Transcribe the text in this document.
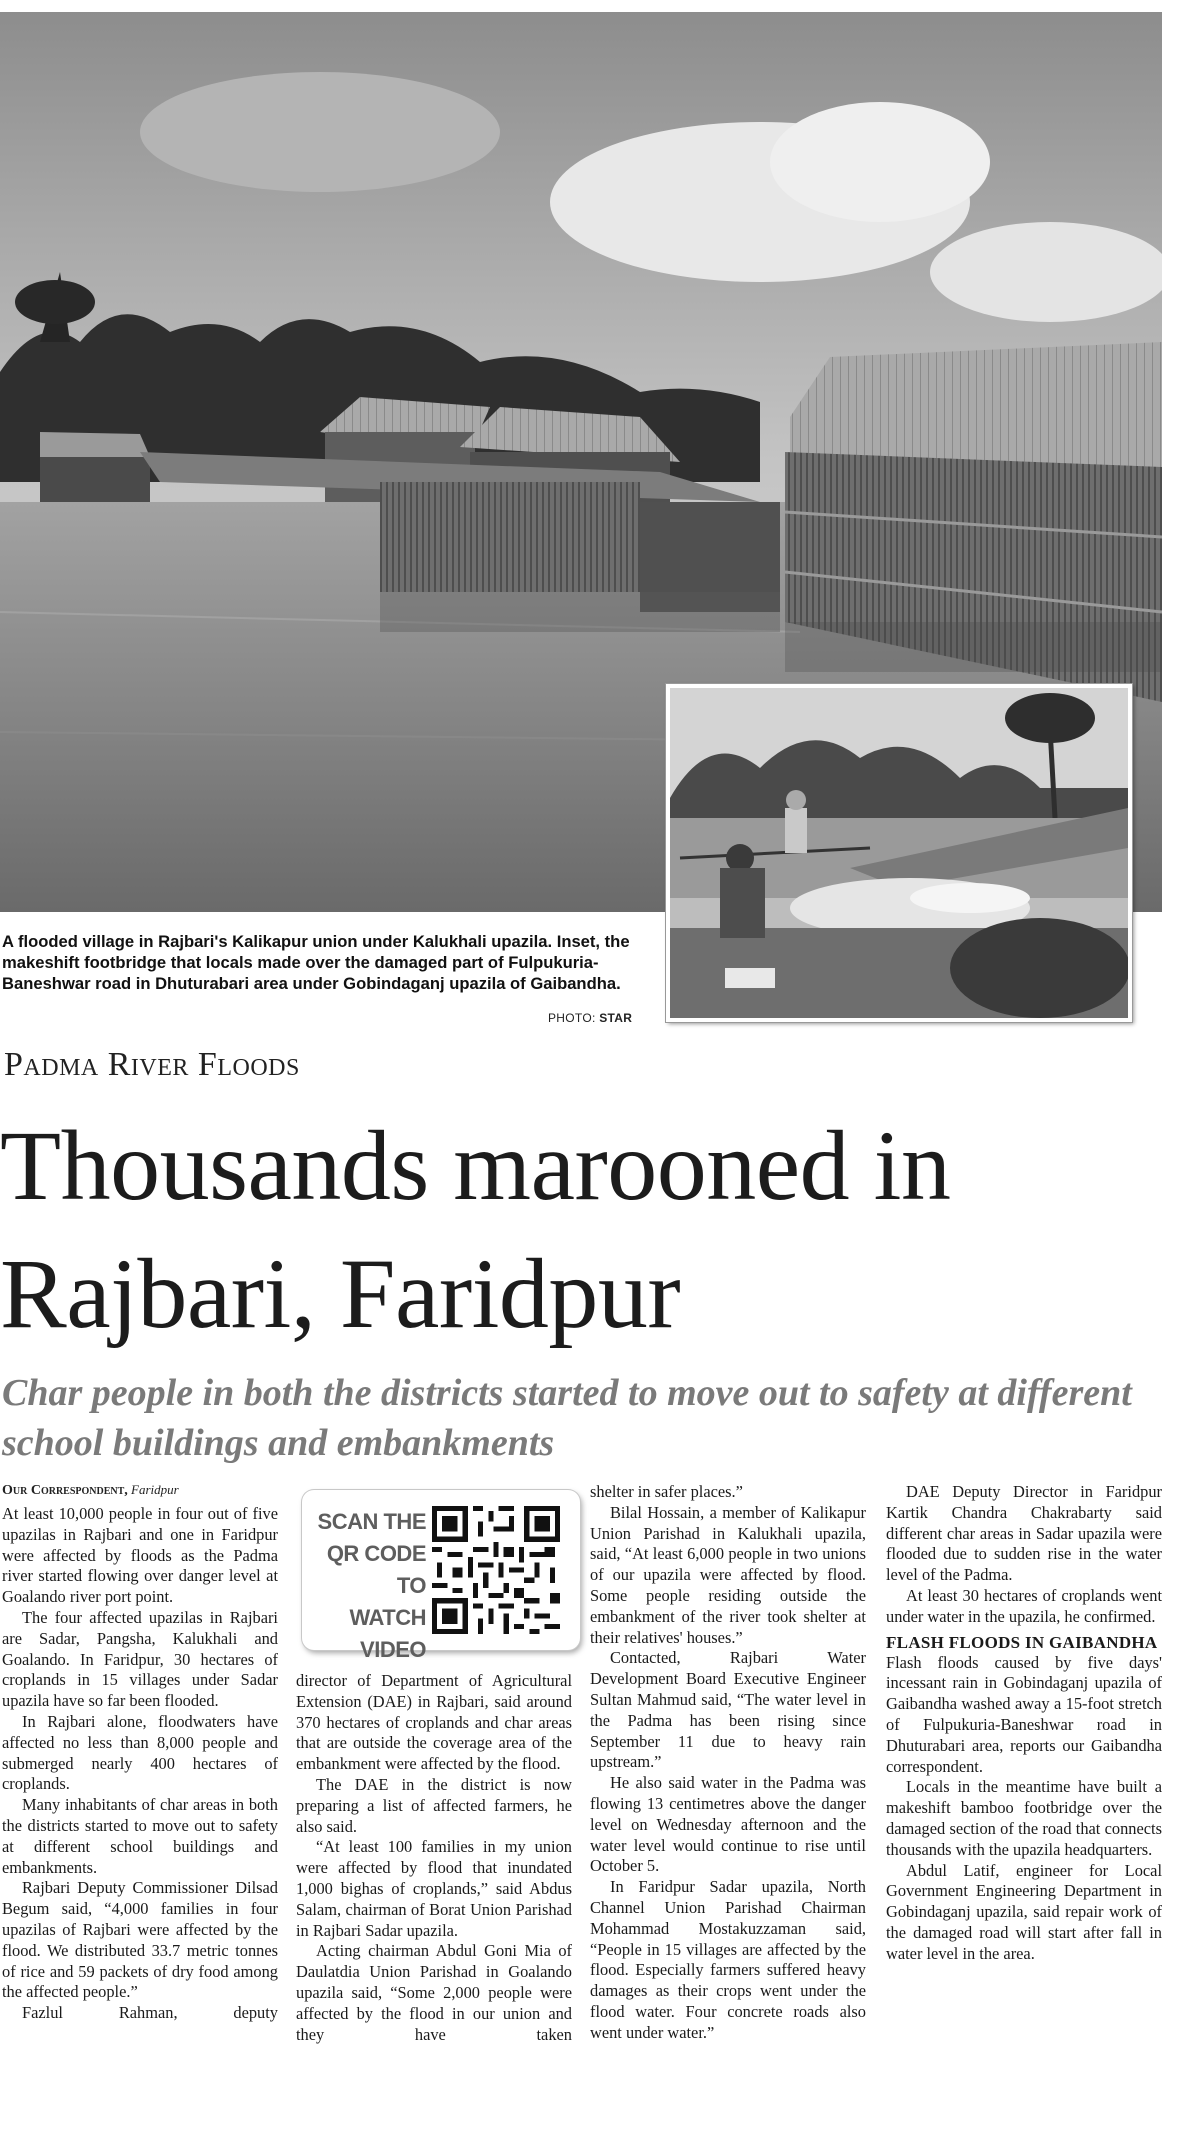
A flooded village in Rajbari's Kalikapur union under Kalukhali upazila. Inset, the makeshift footbridge that locals made over the damaged part of Fulpukuria-Baneshwar road in Dhuturabari area under Gobindaganj upazila of Gaibandha.
PHOTO: STAR
Padma River Floods
Thousands marooned in Rajbari, Faridpur
Char people in both the districts started to move out to safety at different school buildings and embankments
Our Correspondent, Faridpur
SCAN THE QR CODE TO WATCH VIDEO

At least 10,000 people in four out of five upazilas in Rajbari and one in Faridpur were affected by floods as the Padma river started flowing over danger level at Goalando river port point.

The four affected upazilas in Rajbari are Sadar, Pangsha, Kalukhali and Goalando. In Faridpur, 30 hectares of croplands in 15 villages under Sadar upazila have so far been flooded.

In Rajbari alone, floodwaters have affected no less than 8,000 people and submerged nearly 400 hectares of croplands.

Many inhabitants of char areas in both the districts started to move out to safety at different school buildings and embankments.

Rajbari Deputy Commissioner Dilsad Begum said, “4,000 families in four upazilas of Rajbari were affected by the flood. We distributed 33.7 metric tonnes of rice and 59 packets of dry food among the affected people.”

Fazlul Rahman, deputy

director of Department of Agricultural Extension (DAE) in Rajbari, said around 370 hectares of croplands and char areas that are outside the coverage area of the embankment were affected by the flood.

The DAE in the district is now preparing a list of affected farmers, he also said.

“At least 100 families in my union were affected by flood that inundated 1,000 bighas of croplands,” said Abdus Salam, chairman of Borat Union Parishad in Rajbari Sadar upazila.

Acting chairman Abdul Goni Mia of Daulatdia Union Parishad in Goalando upazila said, “Some 2,000 people were affected by the flood in our union and they have taken

shelter in safer places.”

Bilal Hossain, a member of Kalikapur Union Parishad in Kalukhali upazila, said, “At least 6,000 people in two unions of our upazila were affected by flood. Some people residing outside the embankment of the river took shelter at their relatives' houses.”

Contacted, Rajbari Water Development Board Executive Engineer Sultan Mahmud said, “The water level in the Padma has been rising since September 11 due to heavy rain upstream.”

He also said water in the Padma was flowing 13 centimetres above the danger level on Wednesday afternoon and the water level would continue to rise until October 5.

In Faridpur Sadar upazila, North Channel Union Parishad Chairman Mohammad Mostakuzzaman said, “People in 15 villages are affected by the flood. Especially farmers suffered heavy damages as their crops went under the flood water. Four concrete roads also went under water.”

DAE Deputy Director in Faridpur Kartik Chandra Chakrabarty said different char areas in Sadar upazila were flooded due to sudden rise in the water level of the Padma.

At least 30 hectares of croplands went under water in the upazila, he confirmed.

FLASH FLOODS IN GAIBANDHA

Flash floods caused by five days' incessant rain in Gobindaganj upazila of Gaibandha washed away a 15-foot stretch of Fulpukuria-Baneshwar road in Dhuturabari area, reports our Gaibandha correspondent.

Locals in the meantime have built a makeshift bamboo footbridge over the damaged section of the road that connects thousands with the upazila headquarters.

Abdul Latif, engineer for Local Government Engineering Department in Gobindaganj upazila, said repair work of the damaged road will start after fall in water level in the area.
